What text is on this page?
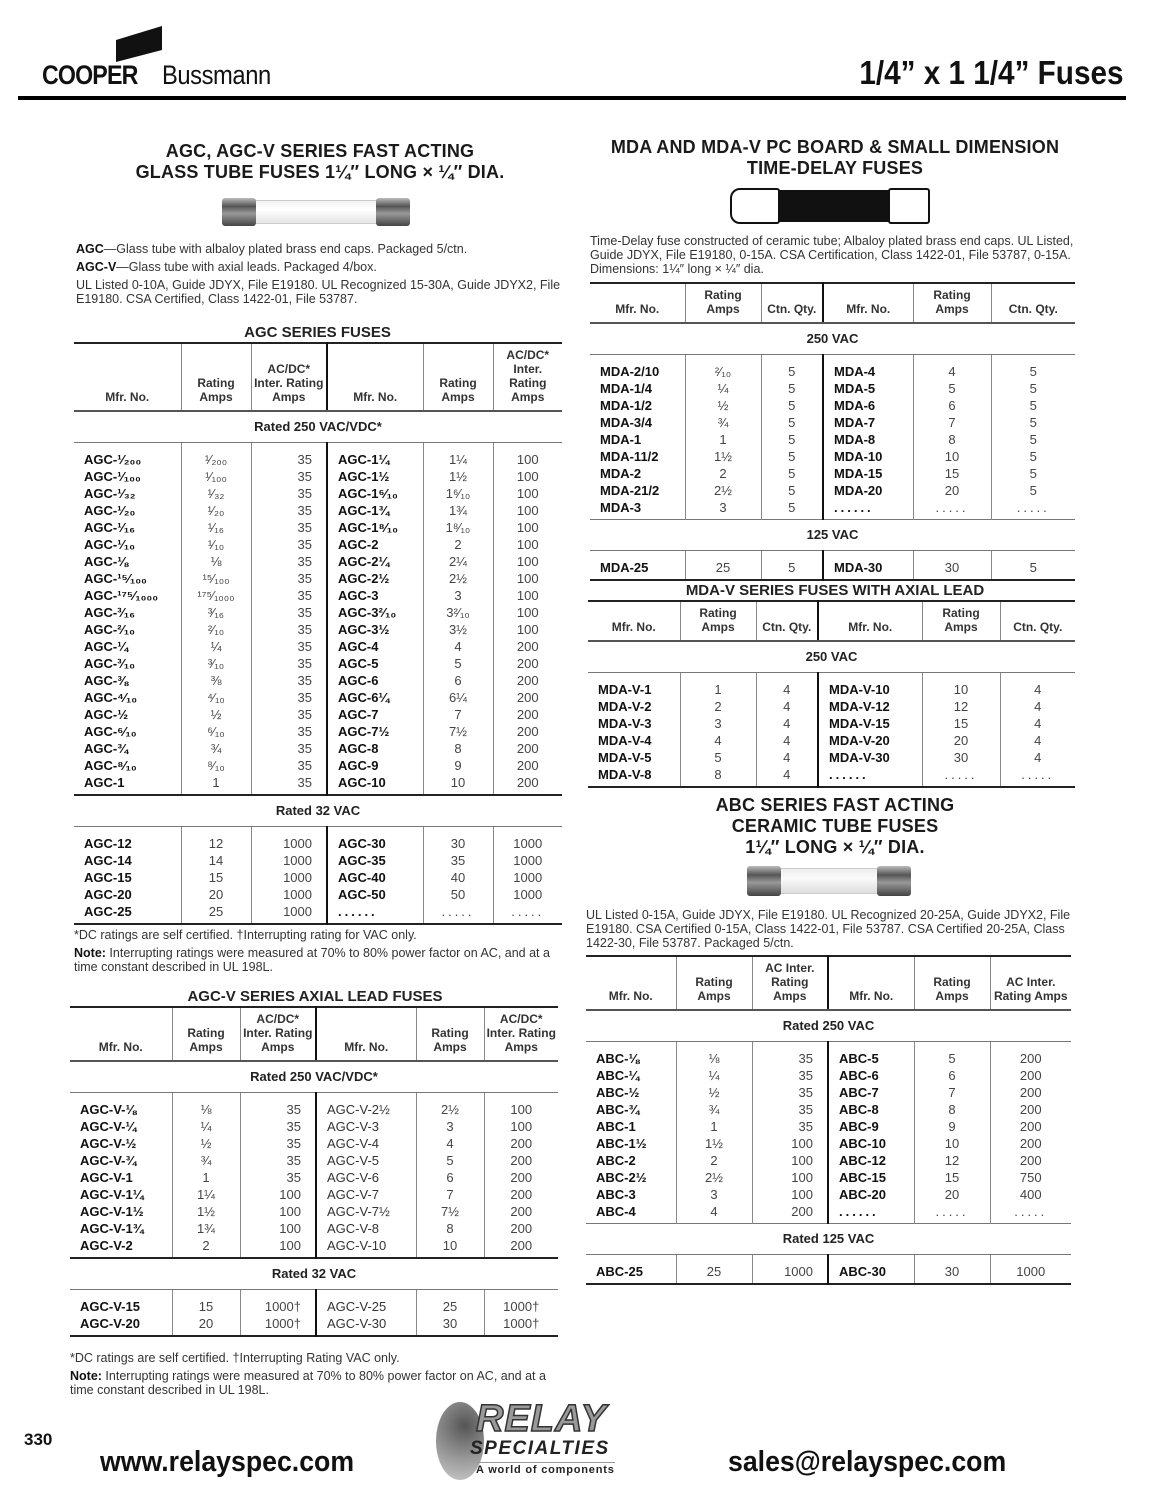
COOPER Bussmann	1/4” x 1 1/4” Fuses
AGC, AGC-V SERIES FAST ACTING
GLASS TUBE FUSES 1¼″ LONG × ¼″ DIA.
AGC—Glass tube with albaloy plated brass end caps. Packaged 5/ctn.
AGC-V—Glass tube with axial leads. Packaged 4/box.
UL Listed 0-10A, Guide JDYX, File E19180. UL Recognized 15-30A, Guide JDYX2, File E19180. CSA Certified, Class 1422-01, File 53787.
AGC SERIES FUSES
Mfr. No.	Rating Amps	AC/DC* Inter. Rating Amps	Mfr. No.	Rating Amps	AC/DC* Inter. Rating Amps
Rated 250 VAC/VDC*					
AGC-¹⁄₂₀₀	¹⁄₂₀₀	35	AGC-1¼	1¼	100
AGC-¹⁄₁₀₀	¹⁄₁₀₀	35	AGC-1½	1½	100
AGC-¹⁄₃₂	¹⁄₃₂	35	AGC-1⁶⁄₁₀	1⁶⁄₁₀	100
AGC-¹⁄₂₀	¹⁄₂₀	35	AGC-1¾	1¾	100
AGC-¹⁄₁₆	¹⁄₁₆	35	AGC-1⁸⁄₁₀	1⁸⁄₁₀	100
AGC-¹⁄₁₀	¹⁄₁₀	35	AGC-2	2	100
AGC-⅛	⅛	35	AGC-2¼	2¼	100
AGC-¹⁵⁄₁₀₀	¹⁵⁄₁₀₀	35	AGC-2½	2½	100
AGC-¹⁷⁵⁄₁₀₀₀	¹⁷⁵⁄₁₀₀₀	35	AGC-3	3	100
AGC-³⁄₁₆	³⁄₁₆	35	AGC-3²⁄₁₀	3²⁄₁₀	100
AGC-²⁄₁₀	²⁄₁₀	35	AGC-3½	3½	100
AGC-¼	¼	35	AGC-4	4	200
AGC-³⁄₁₀	³⁄₁₀	35	AGC-5	5	200
AGC-⅜	⅜	35	AGC-6	6	200
AGC-⁴⁄₁₀	⁴⁄₁₀	35	AGC-6¼	6¼	200
AGC-½	½	35	AGC-7	7	200
AGC-⁶⁄₁₀	⁶⁄₁₀	35	AGC-7½	7½	200
AGC-¾	¾	35	AGC-8	8	200
AGC-⁸⁄₁₀	⁸⁄₁₀	35	AGC-9	9	200
AGC-1	1	35	AGC-10	10	200
Rated 32 VAC					
AGC-12	12	1000	AGC-30	30	1000
AGC-14	14	1000	AGC-35	35	1000
AGC-15	15	1000	AGC-40	40	1000
AGC-20	20	1000	AGC-50	50	1000
AGC-25	25	1000	......	.....	.....
*DC ratings are self certified. †Interrupting rating for VAC only.
Note: Interrupting ratings were measured at 70% to 80% power factor on AC, and at a time constant described in UL 198L.
AGC-V SERIES AXIAL LEAD FUSES
Mfr. No.	Rating Amps	AC/DC* Inter. Rating Amps	Mfr. No.	Rating Amps	AC/DC* Inter. Rating Amps
Rated 250 VAC/VDC*					
AGC-V-⅛	⅛	35	AGC-V-2½	2½	100
AGC-V-¼	¼	35	AGC-V-3	3	100
AGC-V-½	½	35	AGC-V-4	4	200
AGC-V-¾	¾	35	AGC-V-5	5	200
AGC-V-1	1	35	AGC-V-6	6	200
AGC-V-1¼	1¼	100	AGC-V-7	7	200
AGC-V-1½	1½	100	AGC-V-7½	7½	200
AGC-V-1¾	1¾	100	AGC-V-8	8	200
AGC-V-2	2	100	AGC-V-10	10	200
Rated 32 VAC					
AGC-V-15	15	1000†	AGC-V-25	25	1000†
AGC-V-20	20	1000†	AGC-V-30	30	1000†
*DC ratings are self certified. †Interrupting Rating VAC only.
Note: Interrupting ratings were measured at 70% to 80% power factor on AC, and at a time constant described in UL 198L.
MDA AND MDA-V PC BOARD & SMALL DIMENSION
TIME-DELAY FUSES
Time-Delay fuse constructed of ceramic tube; Albaloy plated brass end caps. UL Listed, Guide JDYX, File E19180, 0-15A. CSA Certification, Class 1422-01, File 53787, 0-15A. Dimensions: 1¼″ long × ¼″ dia.
Mfr. No.	Rating Amps	Ctn. Qty.	Mfr. No.	Rating Amps	Ctn. Qty.
250 VAC					
MDA-2/10	²⁄₁₀	5	MDA-4	4	5
MDA-1/4	¼	5	MDA-5	5	5
MDA-1/2	½	5	MDA-6	6	5
MDA-3/4	¾	5	MDA-7	7	5
MDA-1	1	5	MDA-8	8	5
MDA-11/2	1½	5	MDA-10	10	5
MDA-2	2	5	MDA-15	15	5
MDA-21/2	2½	5	MDA-20	20	5
MDA-3	3	5	......	.....	.....
125 VAC					
MDA-25	25	5	MDA-30	30	5
MDA-V SERIES FUSES WITH AXIAL LEAD
Mfr. No.	Rating Amps	Ctn. Qty.	Mfr. No.	Rating Amps	Ctn. Qty.
250 VAC					
MDA-V-1	1	4	MDA-V-10	10	4
MDA-V-2	2	4	MDA-V-12	12	4
MDA-V-3	3	4	MDA-V-15	15	4
MDA-V-4	4	4	MDA-V-20	20	4
MDA-V-5	5	4	MDA-V-30	30	4
MDA-V-8	8	4	......	.....	.....
ABC SERIES FAST ACTING
CERAMIC TUBE FUSES
1¼″ LONG × ¼″ DIA.
UL Listed 0-15A, Guide JDYX, File E19180. UL Recognized 20-25A, Guide JDYX2, File E19180. CSA Certified 0-15A, Class 1422-01, File 53787. CSA Certified 20-25A, Class 1422-30, File 53787. Packaged 5/ctn.
Mfr. No.	Rating Amps	AC Inter. Rating Amps	Mfr. No.	Rating Amps	AC Inter. Rating Amps
Rated 250 VAC					
ABC-⅛	⅛	35	ABC-5	5	200
ABC-¼	¼	35	ABC-6	6	200
ABC-½	½	35	ABC-7	7	200
ABC-¾	¾	35	ABC-8	8	200
ABC-1	1	35	ABC-9	9	200
ABC-1½	1½	100	ABC-10	10	200
ABC-2	2	100	ABC-12	12	200
ABC-2½	2½	100	ABC-15	15	750
ABC-3	3	100	ABC-20	20	400
ABC-4	4	200	......	.....	.....
Rated 125 VAC					
ABC-25	25	1000	ABC-30	30	1000
330
www.relayspec.com
RELAY
SPECIALTIES
A world of components	sales@relayspec.com
